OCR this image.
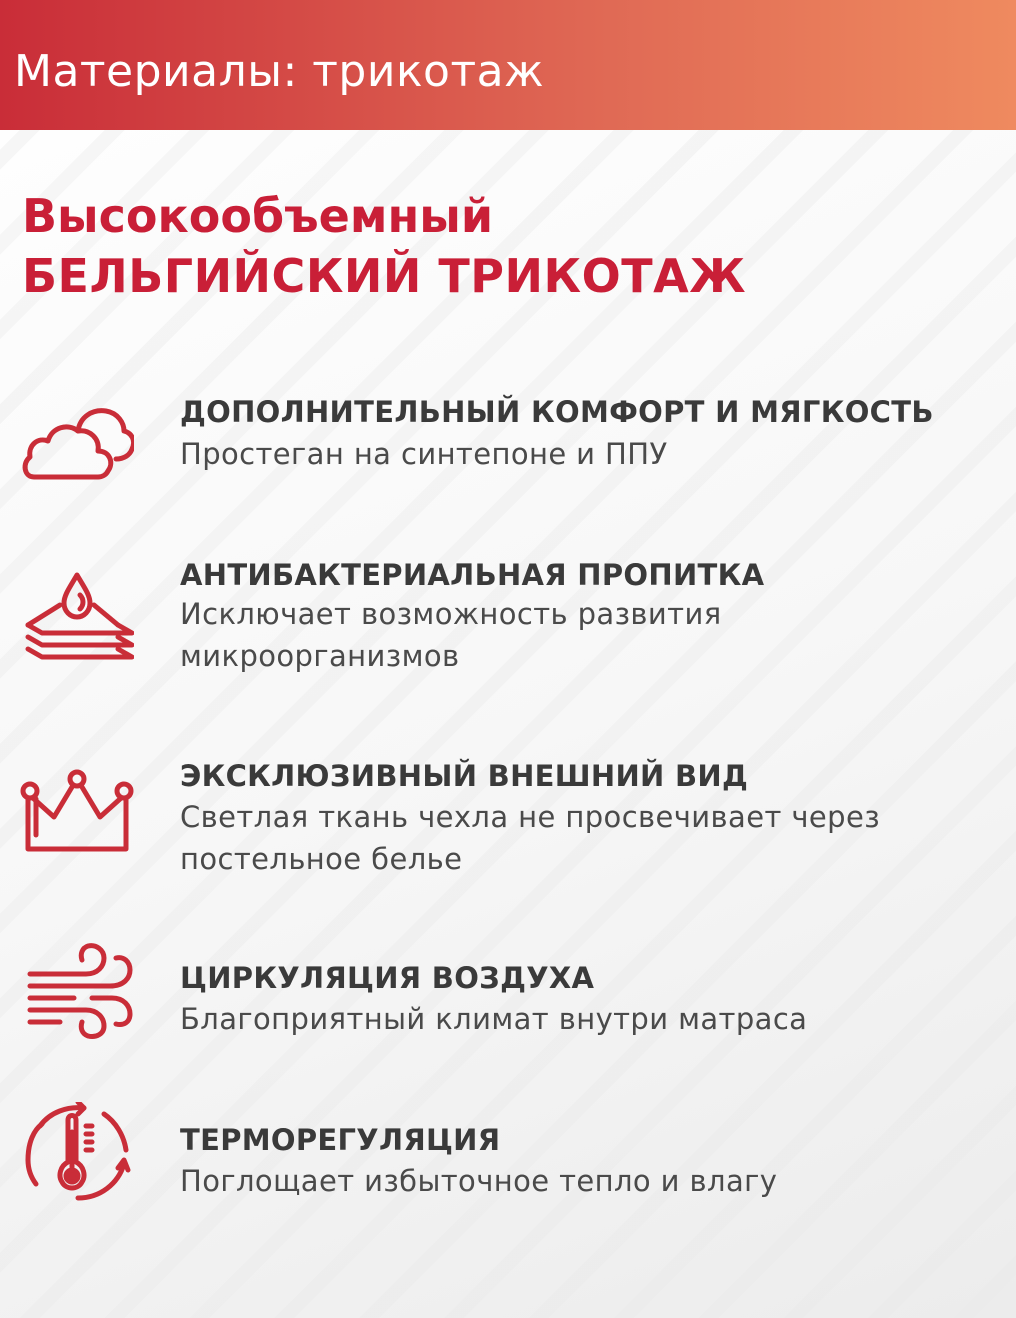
Материалы: трикотаж
Высокообъемный
БЕЛЬГИЙСКИЙ ТРИКОТАЖ
ДОПОЛНИТЕЛЬНЫЙ КОМФОРТ И МЯГКОСТЬ
Простеган на синтепоне и ППУ
АНТИБАКТЕРИАЛЬНАЯ ПРОПИТКА
Исключает возможность развития микроорганизмов
ЭКСКЛЮЗИВНЫЙ ВНЕШНИЙ ВИД
Светлая ткань чехла не просвечивает через постельное белье
ЦИРКУЛЯЦИЯ ВОЗДУХА
Благоприятный климат внутри матраса
ТЕРМОРЕГУЛЯЦИЯ
Поглощает избыточное тепло и влагу
